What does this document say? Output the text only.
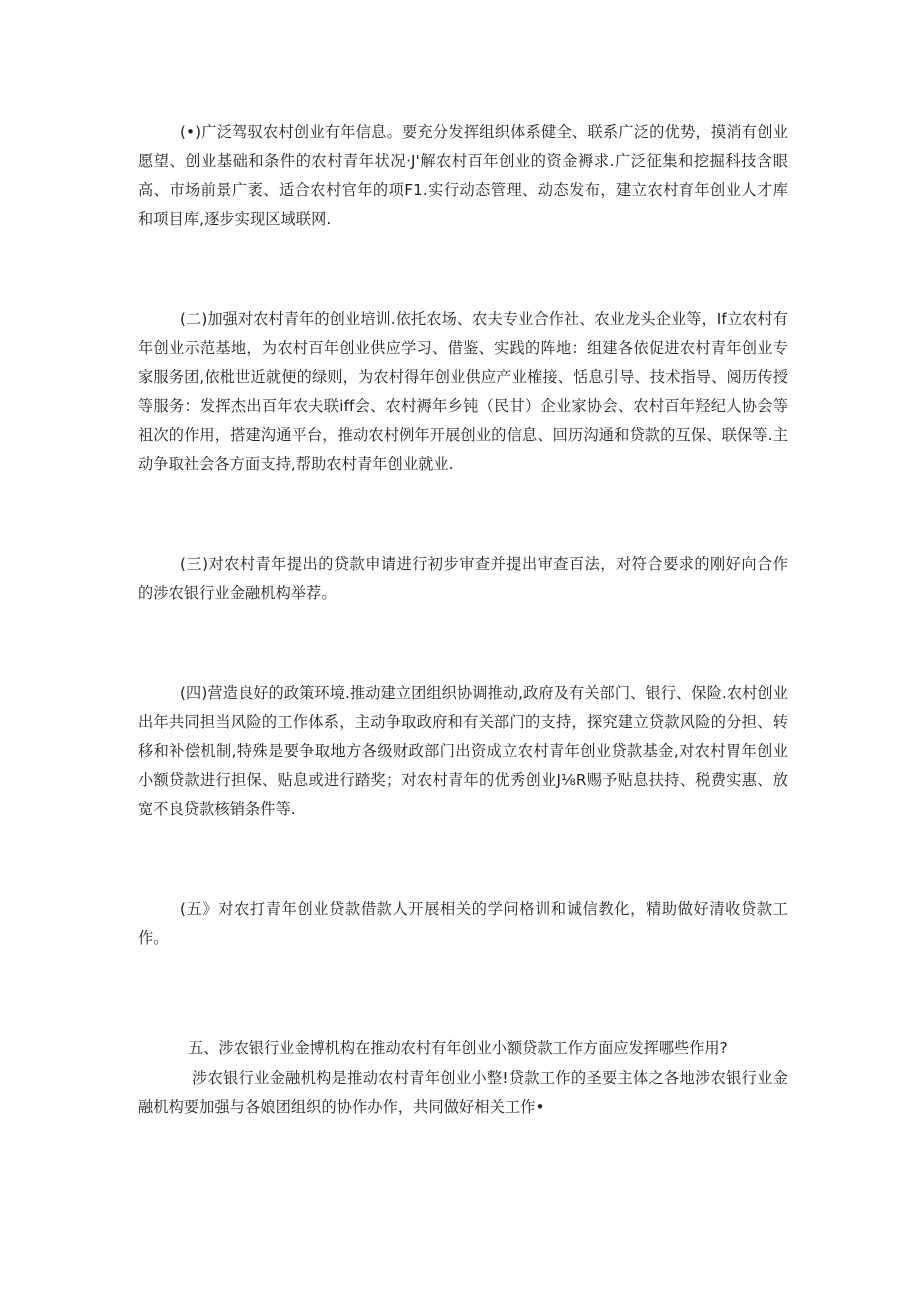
(•)广泛驾驭农村创业有年信息。要充分发挥组织体系健全、联系广泛的优势，摸消有创业愿望、创业基础和条件的农村青年状况·J'解农村百年创业的资金褥求.广泛征集和挖掘科技含眼高、市场前景广袤、适合农村官年的项F1.实行动态管理、动态发布，建立农村育年创业人才库和项目库,逐步实现区域联网.

(二)加强对农村青年的创业培训.依托农场、农夫专业合作社、农业龙头企业等，If立农村有年创业示范基地，为农村百年创业供应学习、借鉴、实践的阵地：组建各依促进农村青年创业专家服务团,依枇世近就便的绿则，为农村得年创业供应产业榷接、恬息引导、技术指导、阅历传授等服务：发挥杰出百年农夫联iff会、农村褥年乡钝（民甘）企业家协会、农村百年羟纪人协会等祖次的作用，搭建沟通平台，推动农村例年开展创业的信息、回历沟通和贷款的互保、联保等.主动争取社会各方面支持,帮助农村青年创业就业.

(三)对农村青年提出的贷款申请进行初步审查并提出审查百法，对符合要求的刚好向合作的涉农银行业金融机构举荐。

(四)营造良好的政策环境.推动建立团组织协调推动,政府及有关部门、银行、保险.农村创业出年共同担当风险的工作体系，主动争取政府和有关部门的支持，探究建立贷款风险的分担、转移和补偿机制,特殊是要争取地方各级财政部门出资成立农村青年创业贷款基金,对农村胃年创业小额贷款进行担保、贴息或进行踏奖；对农村青年的优秀创业J⅛R赐予贴息扶持、税费实惠、放宽不良贷款核销条件等.

(五》对农打青年创业贷款借款人开展相关的学问格训和诚信教化，精助做好清收贷款工作。

五、涉农银行业金博机构在推动农村有年创业小额贷款工作方面应发挥哪些作用?

涉农银行业金融机构是推动农村青年创业小整!贷款工作的圣要主体之各地涉农银行业金融机构要加强与各娘团组织的协作办作，共同做好相关工作•
